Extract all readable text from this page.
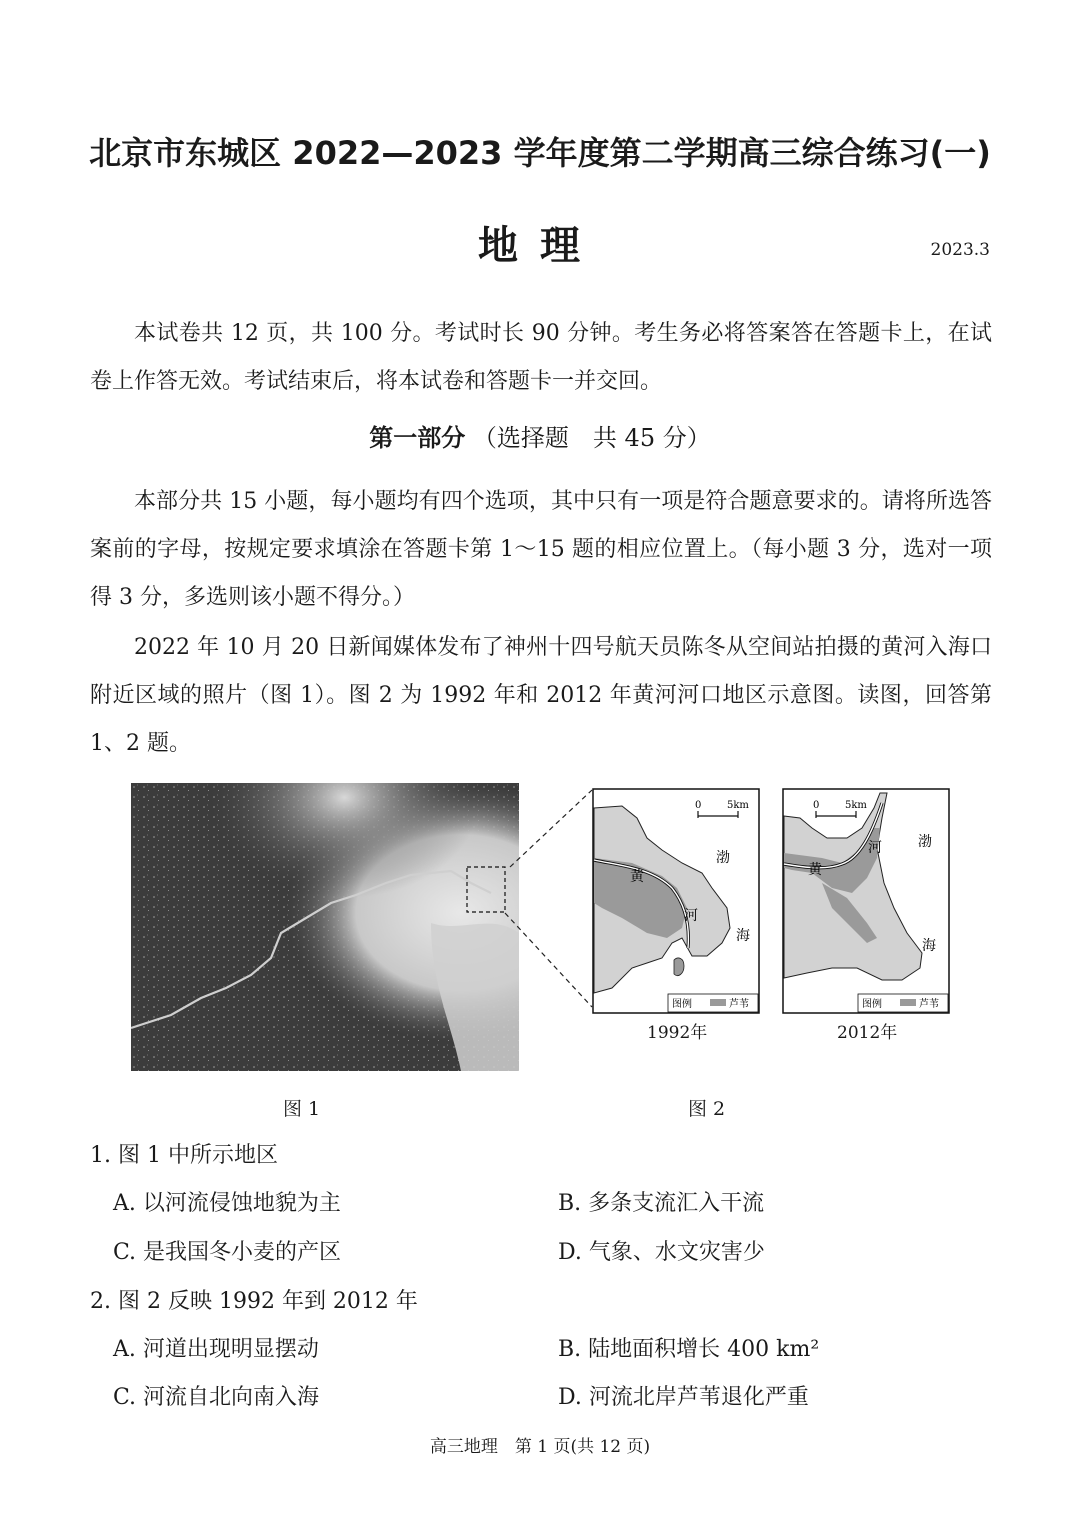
北京市东城区 2022—2023 学年度第二学期高三综合练习(一)
地理	2023.3
本试卷共 12 页，共 100 分。考试时长 90 分钟。考生务必将答案答在答题卡上，在试卷上作答无效。考试结束后，将本试卷和答题卡一并交回。
第一部分 （选择题　共 45 分）
本部分共 15 小题，每小题均有四个选项，其中只有一项是符合题意要求的。请将所选答案前的字母，按规定要求填涂在答题卡第 1～15 题的相应位置上。（每小题 3 分，选对一项得 3 分，多选则该小题不得分。）
2022 年 10 月 20 日新闻媒体发布了神州十四号航天员陈冬从空间站拍摄的黄河入海口附近区域的照片（图 1）。图 2 为 1992 年和 2012 年黄河河口地区示意图。读图，回答第 1、2 题。
0	5km
黄
河
渤
海
图例	芦苇
0	5km
黄
河	渤
海
图例	芦苇
1992年	2012年
图 1	图 2
1. 图 1 中所示地区
A. 以河流侵蚀地貌为主	B. 多条支流汇入干流
C. 是我国冬小麦的产区	D. 气象、水文灾害少
2. 图 2 反映 1992 年到 2012 年
A. 河道出现明显摆动	B. 陆地面积增长 400 km²
C. 河流自北向南入海	D. 河流北岸芦苇退化严重
高三地理　第 1 页(共 12 页)
